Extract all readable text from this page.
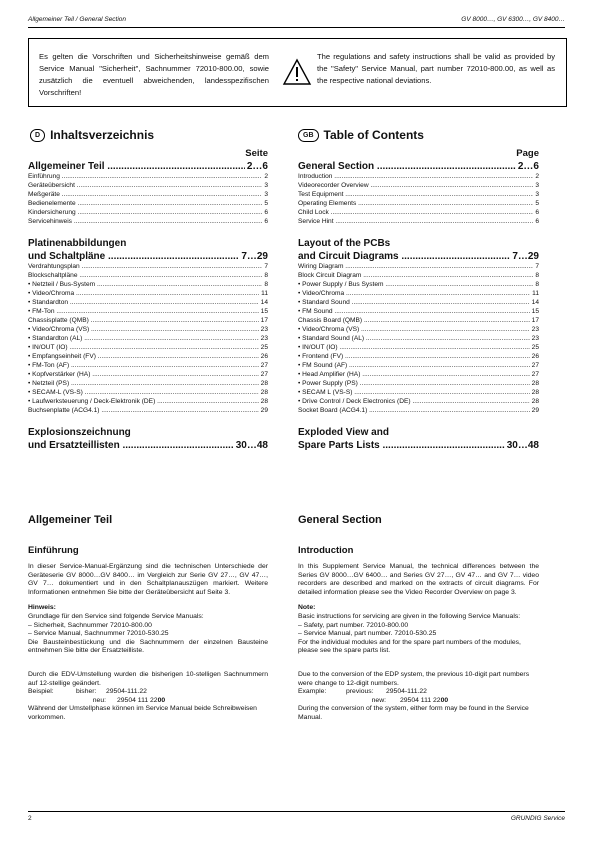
Allgemeiner Teil / General Section	GV 8000…, GV 6300…, GV 8400…
Es gelten die Vorschriften und Sicherheitshinweise gemäß dem Service Manual "Sicherheit", Sachnummer 72010-800.00, sowie zusätzlich die eventuell abweichenden, landesspezifischen Vorschriften!
The regulations and safety instructions shall be valid as provided by the "Safety" Service Manual, part number 72010-800.00, as well as the respective national deviations.
D Inhaltsverzeichnis	GB Table of Contents
Seite
Allgemeiner Teil .....	2…6
Einführung .....	2
Geräteübersicht .....	3
Meßgeräte .....	3
Bedienelemente .....	5
Kindersicherung .....	6
Servicehinweis .....	6
Platinenabbildungen
und Schaltpläne .....	7…29
Verdrahtungsplan .....	7
Blockschaltpläne .....	8
• Netzteil / Bus-System .....	8
• Video/Chroma .....	11
• Standardton .....	14
• FM-Ton .....	15
Chassisplatte (QMB) .....	17
• Video/Chroma (VS) .....	23
• Standardton (AL) .....	23
• IN/OUT (IO) .....	25
• Empfangseinheit (FV) .....	26
• FM-Ton (AF) .....	27
• Kopfverstärker (HA) .....	27
• Netzteil (PS) .....	28
• SECAM-L (VS-S) .....	28
• Laufwerksteuerung / Deck-Elektronik (DE) .....	28
Buchsenplatte (ACG4.1) .....	29
Explosionszeichnung
und Ersatzteillisten .....	30…48
Page
General Section .....	2…6
Introduction .....	2
Videorecorder Overview .....	3
Test Equipment .....	3
Operating Elements .....	5
Child Lock .....	6
Service Hint .....	6
Layout of the PCBs
and Circuit Diagrams .....	7…29
Wiring Diagram .....	7
Block Circuit Diagram .....	8
• Power Supply / Bus System .....	8
• Video/Chroma .....	11
• Standard Sound .....	14
• FM Sound .....	15
Chassis Board (QMB) .....	17
• Video/Chroma (VS) .....	23
• Standard Sound (AL) .....	23
• IN/OUT (IO) .....	25
• Frontend (FV) .....	26
• FM Sound (AF) .....	27
• Head Amplifier (HA) .....	27
• Power Supply (PS) .....	28
• SECAM L (VS-S) .....	28
• Drive Control / Deck Electronics (DE) .....	28
Socket Board (ACG4.1) .....	29
Exploded View and
Spare Parts Lists .....	30…48
Allgemeiner Teil	General Section
Einführung	Introduction

In dieser Service-Manual-Ergänzung sind die technischen Unterschiede der Geräteserie GV 8000…GV 8400… im Vergleich zur Serie GV 27…, GV 47…, GV 7… dokumentiert und in den Schaltplanauszügen markiert. Weitere Informationen entnehmen Sie bitte der Geräteübersicht auf Seite 3.

Hinweis:
Grundlage für den Service sind folgende Service Manuals:
– Sicherheit, Sachnummer 72010-800.00
– Service Manual, Sachnummer 72010-530.25

Die Bausteinbestückung und die Sachnummern der einzelnen Bausteine entnehmen Sie bitte der Ersatzteilliste.

Durch die EDV-Umstellung wurden die bisherigen 10-stelligen Sachnummern auf 12-stellige geändert.
Beispiel:	bisher:	29504-111.22
neu:	29504 111 22 00
Während der Umstellphase können im Service Manual beide Schreibweisen vorkommen.

In this Supplement Service Manual, the technical differences between the Series GV 8000…GV 6400… and Series GV 27…, GV 47… and GV 7… video recorders are described and marked on the extracts of circuit diagrams. For detailed information please see the Video Recorder Overview on page 3.

Note:
Basic instructions for servicing are given in the following Service Manuals:
– Safety, part number. 72010-800.00
– Service Manual, part number. 72010-530.25

For the individual modules and for the spare part numbers of the modules, please see the spare parts list.

Due to the conversion of the EDP system, the previous 10-digit part numbers were change to 12-digit numbers.
Example:	previous:	29504-111.22
new:	29504 111 22 00
During the conversion of the system, either form may be found in the Service Manual.
2	GRUNDIG Service
